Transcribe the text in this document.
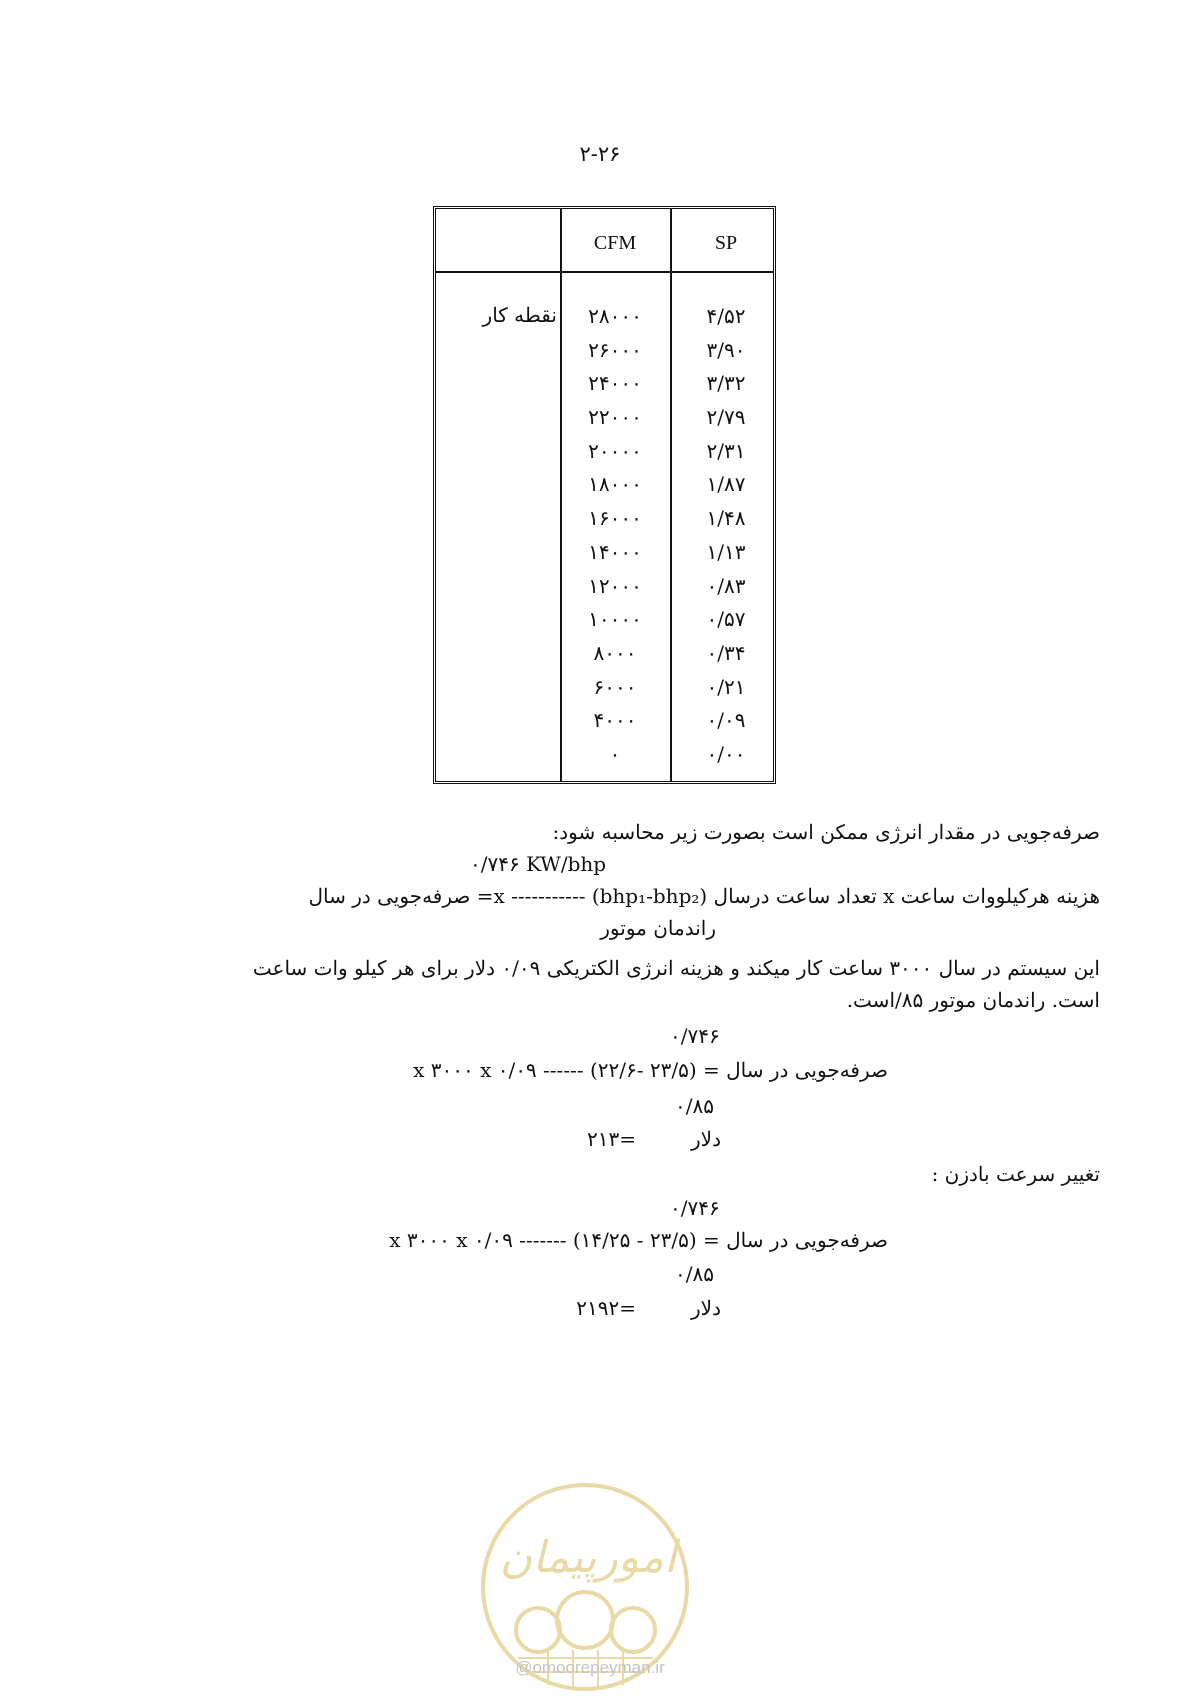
۲-۲۶
CFM	SP
نقطه کار	۲۸۰۰۰
۲۶۰۰۰
۲۴۰۰۰
۲۲۰۰۰
۲۰۰۰۰
۱۸۰۰۰
۱۶۰۰۰
۱۴۰۰۰
۱۲۰۰۰
۱۰۰۰۰
۸۰۰۰
۶۰۰۰
۴۰۰۰
۰
۴/۵۲
۳/۹۰
۳/۳۲
۲/۷۹
۲/۳۱
۱/۸۷
۱/۴۸
۱/۱۳
۰/۸۳
۰/۵۷
۰/۳۴
۰/۲۱
۰/۰۹
۰/۰۰
صرفه‌جویی در مقدار انرژی ممکن است بصورت زیر محاسبه شود:
۰/۷۴۶ KW/bhp
هزینه هرکیلووات ساعت x تعداد ساعت درسال x ----------- (bhp₁-bhp₂)= صرفه‌جویی در سال
راندمان موتور
این سیستم در سال ۳۰۰۰ ساعت کار میکند و هزینه انرژی الکتریکی ۰/۰۹ دلار برای هر کیلو وات ساعت
است. راندمان موتور ۸۵/است.
۰/۷۴۶
صرفه‌جویی در سال = (۲۳/۵ -۲۲/۶) ------ x ۳۰۰۰ x ۰/۰۹
۰/۸۵
دلار
=۲۱۳
تغییر سرعت بادزن :
۰/۷۴۶
صرفه‌جویی در سال = (۲۳/۵ - ۱۴/۲۵) ------- x ۳۰۰۰ x ۰/۰۹
۰/۸۵
دلار
=۲۱۹۲
امورپیمان
@omoorepeyman.ir
